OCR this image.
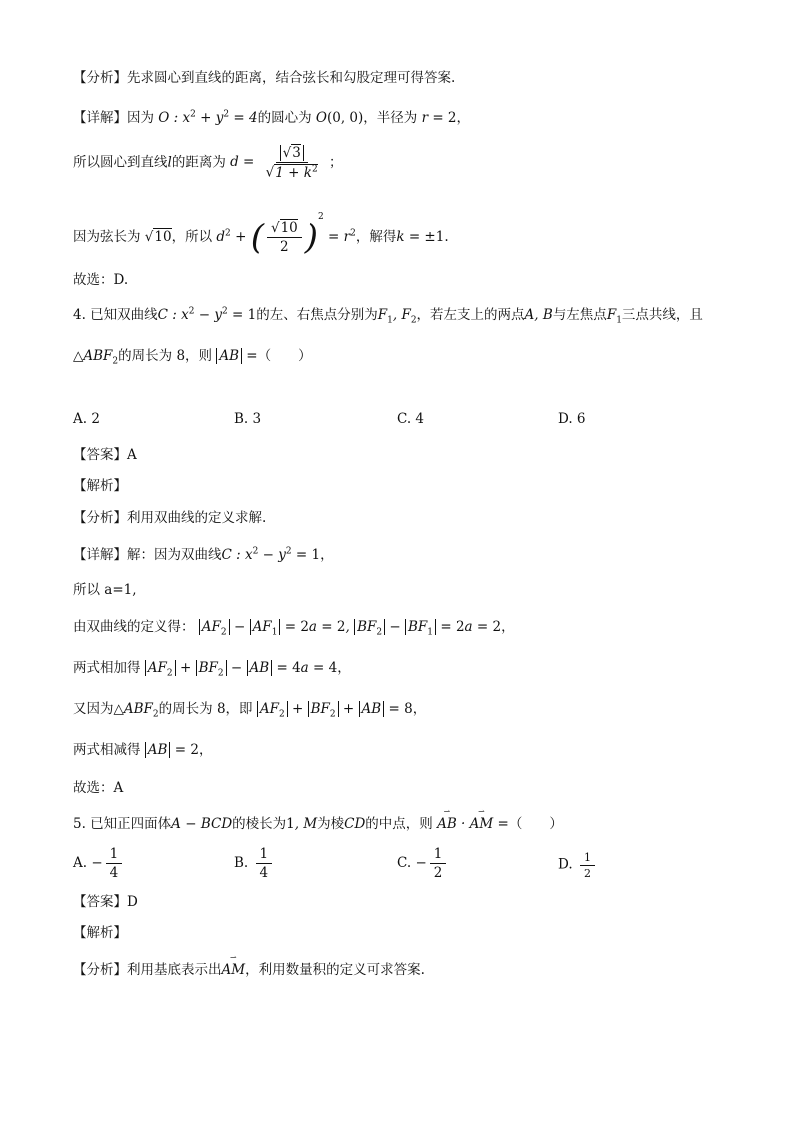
【分析】先求圆心到直线的距离，结合弦长和勾股定理可得答案.
【详解】因为 O : $x^2 + y^2 = 4$的圆心为 O(0, 0)，半径为 r = 2，
所以圆心到直线l的距离为 $d = \frac{√3}{√1 + k^2}$ ；
因为弦长为 √10，所以 $d^2$ + ( $\frac{√10}{2} )^2 = r^2$，解得k = ±1.
故选：D.
4. 已知双曲线C : $x^2 - y^2 = 1$的左、右焦点分别为$F_1$, $F_2$，若左支上的两点A, B与左焦点$F_1$三点共线，且
$\triangle ABF_2$的周长为 8，则 AB =（　　）
A. 2	B. 3	C. 4	D. 6
【答案】A
【解析】
【分析】利用双曲线的定义求解.
【详解】解：因为双曲线C : $x^2 - y^2 = 1$，
所以 a=1,
由双曲线的定义得： $AF_2 - AF_1 = 2a = 2$, $BF_2 - BF_1 = 2a = 2$，
两式相加得 $AF_2 + BF_2$ − AB = 4a = 4，
又因为$\triangle ABF_2$的周长为 8，即 $AF_2 + BF_2$ + AB = 8，
两式相减得 AB = 2，
故选：A
5. 已知正四面体A − BCD的棱长为1, M为棱CD的中点，则 ⇀ AB · ⇀ AM =（　　）
A. − $\frac{1}{4}$	B. $\frac{1}{4}$	C. − $\frac{1}{2}$	D. $\frac{1}{2}$
【答案】D
【解析】
【分析】利用基底表示出⇀ AM，利用数量积的定义可求答案.
